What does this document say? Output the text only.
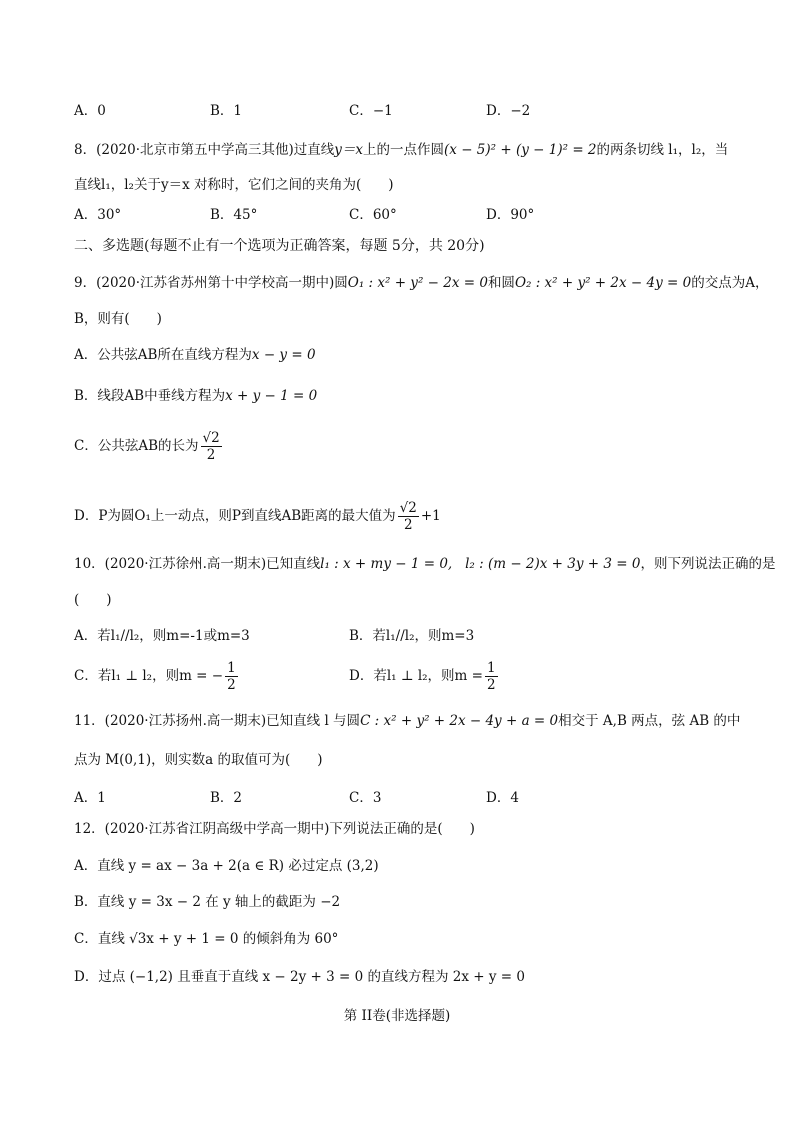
A．0	B．1	C．−1	D．−2
8．(2020·北京市第五中学高三其他)过直线y＝x上的一点作圆(x − 5)² + (y − 1)² = 2的两条切线 l₁，l₂，当
直线l₁，l₂关于y＝x 对称时，它们之间的夹角为(　　)
A．30°	B．45°	C．60°	D．90°
二、多选题(每题不止有一个选项为正确答案，每题 5分，共 20分)
9．(2020·江苏省苏州第十中学校高一期中)圆O₁ : x² + y² − 2x = 0和圆O₂ : x² + y² + 2x − 4y = 0的交点为A，
B，则有(　　)
A．公共弦AB所在直线方程为x − y = 0
B．线段AB中垂线方程为x + y − 1 = 0
C．公共弦AB的长为 $\frac{√2}{2}$
D．P为圆O₁上一动点，则P到直线AB距离的最大值为 $\frac{√2}{2} +1$
10．(2020·江苏徐州.高一期末)已知直线l₁ : x + my − 1 = 0, l₂ : (m − 2)x + 3y + 3 = 0，则下列说法正确的是
(　　)
A．若l₁//l₂，则m=-1或m=3	B．若l₁//l₂，则m=3
C．若l₁ ⊥ l₂，则m = − $\frac{1}{2}$	D．若l₁ ⊥ l₂，则$m = \frac{1}{2}$
11．(2020·江苏扬州.高一期末)已知直线 l 与圆C : x² + y² + 2x − 4y + a = 0相交于 A,B 两点，弦 AB 的中
点为 M(0,1)，则实数a 的取值可为(　　)
A．1	B．2	C．3	D．4
12．(2020·江苏省江阴高级中学高一期中)下列说法正确的是(　　)
A．直线 y = ax − 3a + 2(a ∈ R) 必过定点 (3,2)
B．直线 y = 3x − 2 在 y 轴上的截距为 −2
C．直线 √3x + y + 1 = 0 的倾斜角为 60°
D．过点 (−1,2) 且垂直于直线 x − 2y + 3 = 0 的直线方程为 2x + y = 0
第 II卷(非选择题)
